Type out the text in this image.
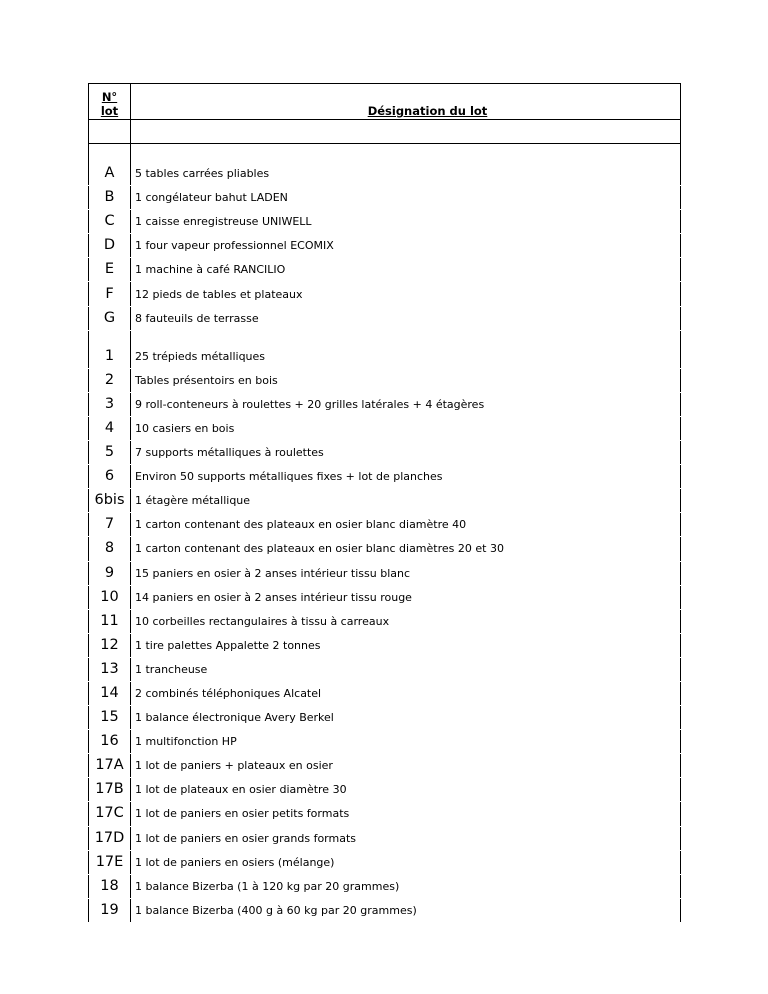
N°
lot	Désignation du lot

A	5 tables carrées pliables
B	1 congélateur bahut LADEN
C	1 caisse enregistreuse UNIWELL
D	1 four vapeur professionnel ECOMIX
E	1 machine à café RANCILIO
F	12 pieds de tables et plateaux
G	8 fauteuils de terrasse

1	25 trépieds métalliques
2	Tables présentoirs en bois
3	9 roll-conteneurs à roulettes + 20 grilles latérales + 4 étagères
4	10 casiers en bois
5	7 supports métalliques à roulettes
6	Environ 50 supports métalliques fixes + lot de planches
6bis	1 étagère métallique
7	1 carton contenant des plateaux en osier blanc diamètre 40
8	1 carton contenant des plateaux en osier blanc diamètres 20 et 30
9	15 paniers en osier à 2 anses intérieur tissu blanc
10	14 paniers en osier à 2 anses intérieur tissu rouge
11	10 corbeilles rectangulaires à tissu à carreaux
12	1 tire palettes Appalette 2 tonnes
13	1 trancheuse
14	2 combinés téléphoniques Alcatel
15	1 balance électronique Avery Berkel
16	1 multifonction HP
17A	1 lot de paniers + plateaux en osier
17B	1 lot de plateaux en osier diamètre 30
17C	1 lot de paniers en osier petits formats
17D	1 lot de paniers en osier grands formats
17E	1 lot de paniers en osiers (mélange)
18	1 balance Bizerba (1 à 120 kg par 20 grammes)
19	1 balance Bizerba (400 g à 60 kg par 20 grammes)
